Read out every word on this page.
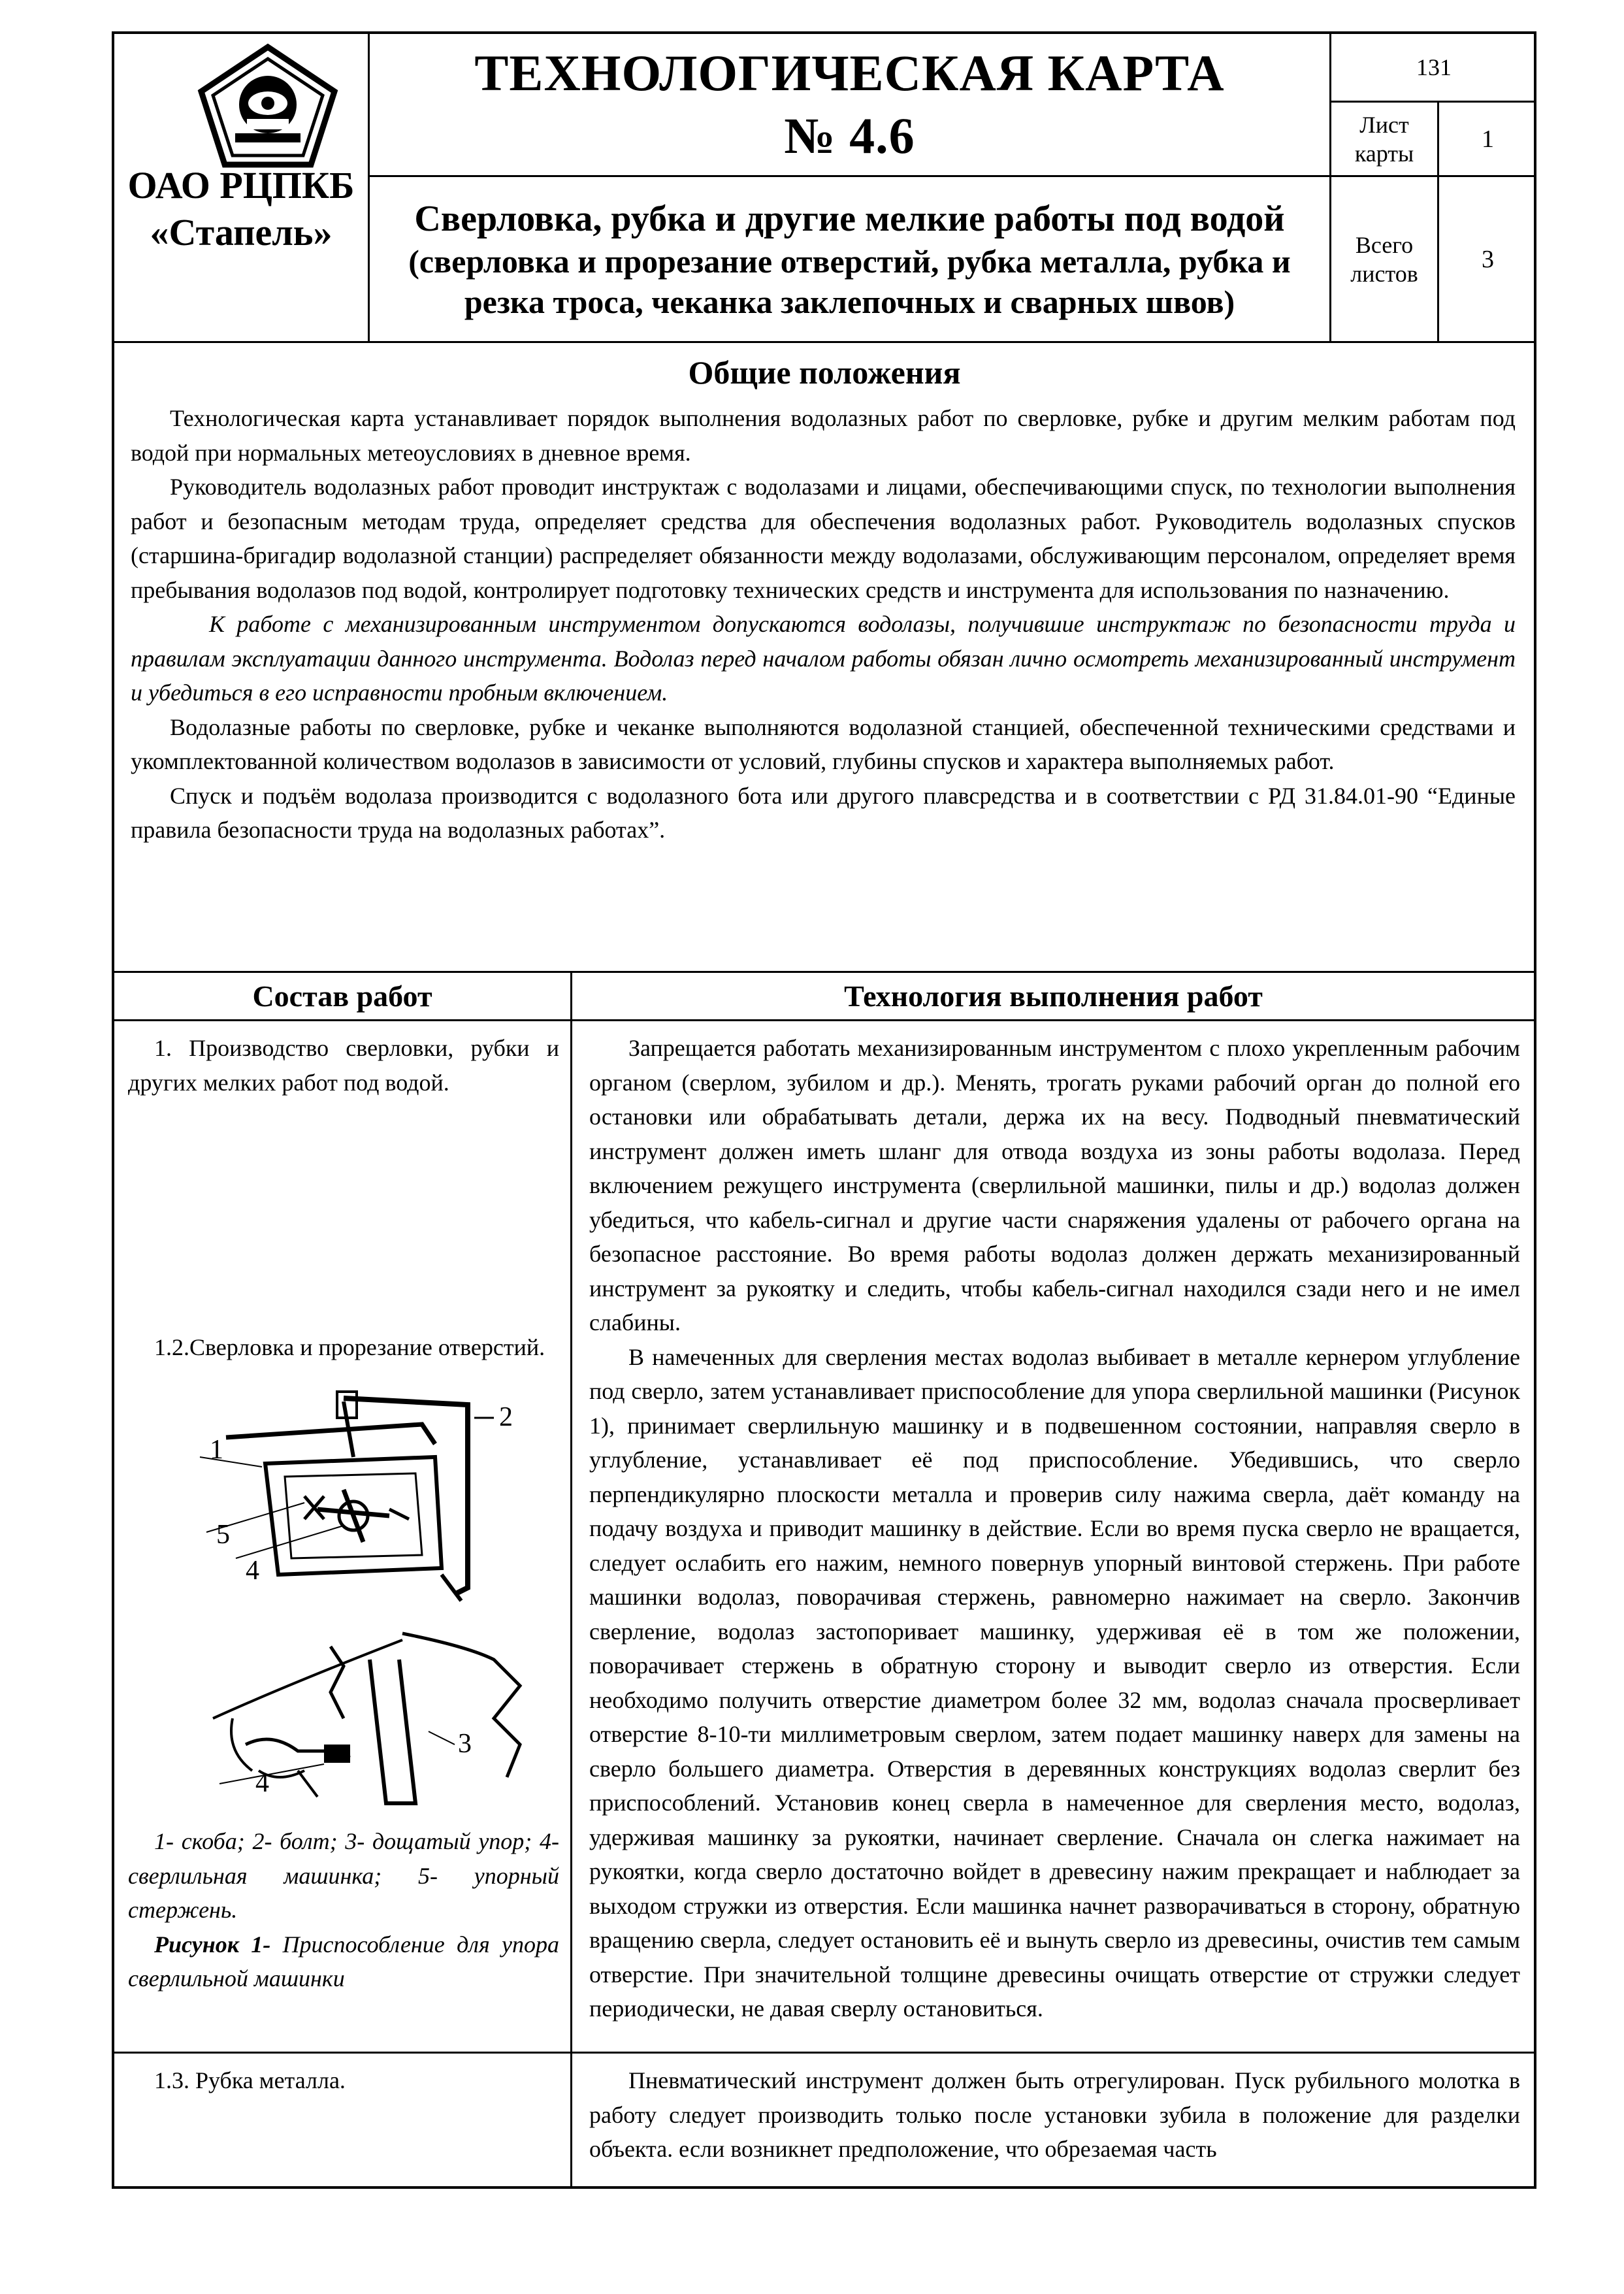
ОАО РЦПКБ
«Стапель»
ТЕХНОЛОГИЧЕСКАЯ КАРТА
№ 4.6
Сверловка, рубка и другие мелкие работы под водой
(сверловка и прорезание отверстий, рубка металла, рубка и
резка троса, чеканка заклепочных и сварных швов)
131
Лист карты
1
Всего листов
3
Общие положения

Технологическая карта устанавливает порядок выполнения водолазных работ по сверловке, рубке и другим мелким работам под водой при нормальных метеоусловиях в дневное время.

Руководитель водолазных работ проводит инструктаж с водолазами и лицами, обеспечивающими спуск, по технологии выполнения работ и безопасным методам труда, определяет средства для обеспечения водолазных работ. Руководитель водолазных спусков (старшина-бригадир водолазной станции) распределяет обязанности между водолазами, обслуживающим персоналом, определяет время пребывания водолазов под водой, контролирует подготовку технических средств и инструмента для использования по назначению.

К работе с механизированным инструментом допускаются водолазы, получившие инструктаж по безопасности труда и правилам эксплуатации данного инструмента. Водолаз перед началом работы обязан лично осмотреть механизированный инструмент и убедиться в его исправности пробным включением.

Водолазные работы по сверловке, рубке и чеканке выполняются водолазной станцией, обеспеченной техническими средствами и укомплектованной количеством водолазов в зависимости от условий, глубины спусков и характера выполняемых работ.

Спуск и подъём водолаза производится с водолазного бота или другого плавсредства и в соответствии с РД 31.84.01-90 “Единые правила безопасности труда на водолазных работах”.

Состав работ	Технология выполнения работ

1. Производство сверловки, рубки и других мелких работ под водой.

1.2.Сверловка и прорезание отверстий.

1
2
5
4
3
4

1- скоба; 2- болт; 3- дощатый упор; 4- сверлильная машинка; 5- упорный стержень.

Рисунок 1- Приспособление для упора сверлильной машинки

Запрещается работать механизированным инструментом с плохо укрепленным рабочим органом (сверлом, зубилом и др.). Менять, трогать руками рабочий орган до полной его остановки или обрабатывать детали, держа их на весу. Подводный пневматический инструмент должен иметь шланг для отвода воздуха из зоны работы водолаза. Перед включением режущего инструмента (сверлильной машинки, пилы и др.) водолаз должен убедиться, что кабель-сигнал и другие части снаряжения удалены от рабочего органа на безопасное расстояние. Во время работы водолаз должен держать механизированный инструмент за рукоятку и следить, чтобы кабель-сигнал находился сзади него и не имел слабины.

В намеченных для сверления местах водолаз выбивает в металле кернером углубление под сверло, затем устанавливает приспособление для упора сверлильной машинки (Рисунок 1), принимает сверлильную машинку и в подвешенном состоянии, направляя сверло в углубление, устанавливает её под приспособление. Убедившись, что сверло перпендикулярно плоскости металла и проверив силу нажима сверла, даёт команду на подачу воздуха и приводит машинку в действие. Если во время пуска сверло не вращается, следует ослабить его нажим, немного повернув упорный винтовой стержень. При работе машинки водолаз, поворачивая стержень, равномерно нажимает на сверло. Закончив сверление, водолаз застопоривает машинку, удерживая её в том же положении, поворачивает стержень в обратную сторону и выводит сверло из отверстия. Если необходимо получить отверстие диаметром более 32 мм, водолаз сначала просверливает отверстие 8-10-ти миллиметровым сверлом, затем подает машинку наверх для замены на сверло большего диаметра. Отверстия в деревянных конструкциях водолаз сверлит без приспособлений. Установив конец сверла в намеченное для сверления место, водолаз, удерживая машинку за рукоятки, начинает сверление. Сначала он слегка нажимает на рукоятки, когда сверло достаточно войдет в древесину нажим прекращает и наблюдает за выходом стружки из отверстия. Если машинка начнет разворачиваться в сторону, обратную вращению сверла, следует остановить её и вынуть сверло из древесины, очистив тем самым отверстие. При значительной толщине древесины очищать отверстие от стружки следует периодически, не давая сверлу остановиться.

1.3. Рубка металла.	Пневматический инструмент должен быть отрегулирован. Пуск рубильного молотка в работу следует производить только после установки зубила в положение для разделки объекта. если возникнет предположение, что обрезаемая часть
